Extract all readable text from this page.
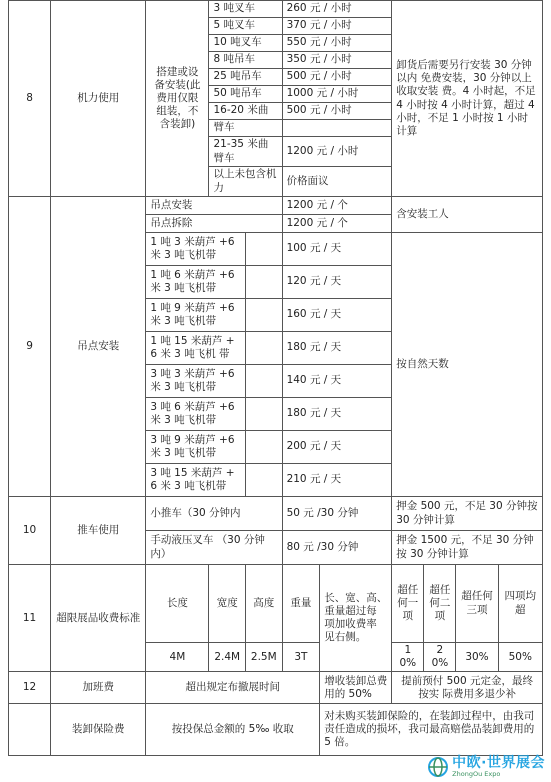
8	机力使用	搭建或设备安装(此费用仅限组装，不含装卸)	3 吨叉车		260 元 / 小时		卸货后需要另行安装 30 分钟以内 免费安装，30 分钟以上收取安装 费。4 小时起，不足 4 小时按 4 小时计算，超过 4 小时，不足 1 小时按 1 小时计算			
			5 吨叉车		370 元 / 小时					
			10 吨叉车		550 元 / 小时					
			8 吨吊车		350 元 / 小时					
			25 吨吊车		500 元 / 小时					
			50 吨吊车		1000 元 / 小时					
			16-20 米曲		500 元 / 小时					
			臂车							
			21-35 米曲臂车		1200 元 / 小时					
			以上未包含机力		价格面议					
9	吊点安装	吊点安装			1200 元 / 个		含安装工人			
		吊点拆除			1200 元 / 个					
		1 吨 3 米葫芦 +6 米 3 吨飞机带			100 元 / 天		按自然天数			
		1 吨 6 米葫芦 +6 米 3 吨飞机带			120 元 / 天					
		1 吨 9 米葫芦 +6 米 3 吨飞机带			160 元 / 天					
		1 吨 15 米葫芦 +6 米 3 吨飞机 带			180 元 / 天					
		3 吨 3 米葫芦 +6 米 3 吨飞机带			140 元 / 天					
		3 吨 6 米葫芦 +6 米 3 吨飞机带			180 元 / 天					
		3 吨 9 米葫芦 +6 米 3 吨飞机带			200 元 / 天					
		3 吨 15 米葫芦 +6 米 3 吨飞机带			210 元 / 天					
10	推车使用	小推车（30 分钟内			50 元 /30 分钟		押金 500 元，不足 30 分钟按 30 分钟计算			
		手动液压叉车 （30 分钟内）			80 元 /30 分钟		押金 1500 元，不足 30 分钟按 30 分钟计算			
11	超限展品收费标准	长度	宽度	高度	重量	长、宽、高、重量超过每 项加收费率 见右侧。	超任何一项	超任何二项	超任何三项	四项均超
		4M	2.4M	2.5M	3T		10%	20%	30%	50%
12	加班费	超出规定布撤展时间				增收装卸总费用的 50%	提前预付 500 元定金，最终按实 际费用多退少补			
	装卸保险费	按投保总金额的 5‰ 收取				对未购买装卸保险的，在装卸过程中，由我司责任造成的损坏，我司最高赔偿品装卸费用的 5 倍。				
中欧·世界展会
ZhongOu Expo
